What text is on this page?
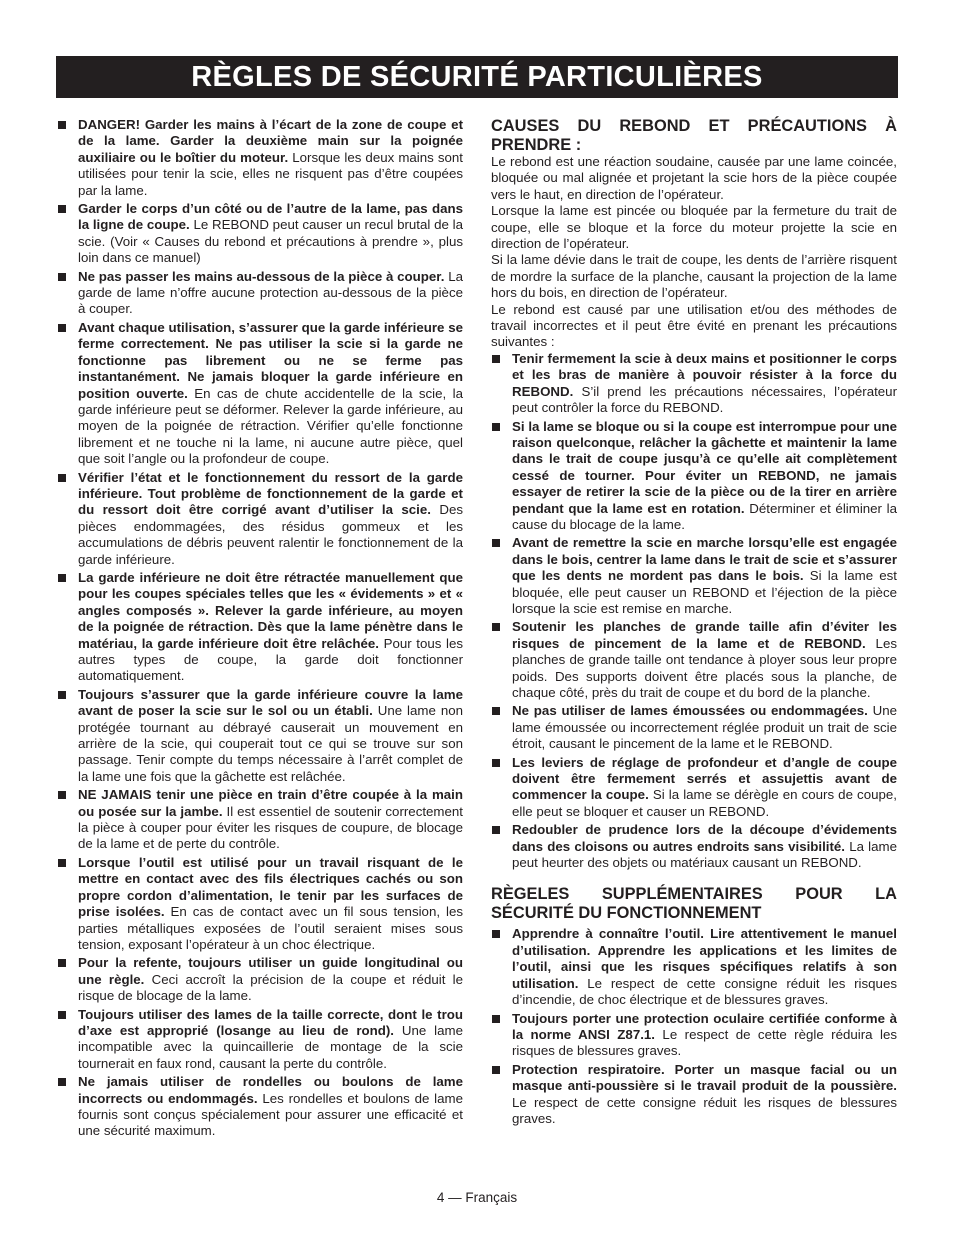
RÈGLES DE SÉCURITÉ PARTICULIÈRES
DANGER! Garder les mains à l’écart de la zone de coupe et de la lame. Garder la deuxième main sur la poignée auxiliaire ou le boîtier du moteur. Lorsque les deux mains sont utilisées pour tenir la scie, elles ne risquent pas d’être coupées par la lame.
Garder le corps d’un côté ou de l’autre de la lame, pas dans la ligne de coupe. Le REBOND peut causer un recul brutal de la scie. (Voir « Causes du rebond et précautions à prendre », plus loin dans ce manuel)
Ne pas passer les mains au-dessous de la pièce à couper. La garde de lame n’offre aucune protection au-dessous de la pièce à couper.
Avant chaque utilisation, s’assurer que la garde inférieure se ferme correctement. Ne pas utiliser la scie si la garde ne fonctionne pas librement ou ne se ferme pas instantanément. Ne jamais bloquer la garde inférieure en position ouverte. En cas de chute accidentelle de la scie, la garde inférieure peut se déformer. Relever la garde inférieure, au moyen de la poignée de rétraction. Vérifier qu’elle fonctionne librement et ne touche ni la lame, ni aucune autre pièce, quel que soit l’angle ou la profondeur de coupe.
Vérifier l’état et le fonctionnement du ressort de la garde inférieure. Tout problème de fonctionnement de la garde et du ressort doit être corrigé avant d’utiliser la scie. Des pièces endommagées, des résidus gommeux et les accumulations de débris peuvent ralentir le fonctionnement de la garde inférieure.
La garde inférieure ne doit être rétractée manuellement que pour les coupes spéciales telles que les « évidements » et « angles composés ». Relever la garde inférieure, au moyen de la poignée de rétraction. Dès que la lame pénètre dans le matériau, la garde inférieure doit être relâchée. Pour tous les autres types de coupe, la garde doit fonctionner automatiquement.
Toujours s’assurer que la garde inférieure couvre la lame avant de poser la scie sur le sol ou un établi. Une lame non protégée tournant au débrayé causerait un mouvement en arrière de la scie, qui couperait tout ce qui se trouve sur son passage. Tenir compte du temps nécessaire à l’arrêt complet de la lame une fois que la gâchette est relâchée.
NE JAMAIS tenir une pièce en train d’être coupée à la main ou posée sur la jambe. Il est essentiel de soutenir correctement la pièce à couper pour éviter les risques de coupure, de blocage de la lame et de perte du contrôle.
Lorsque l’outil est utilisé pour un travail risquant de le mettre en contact avec des fils électriques cachés ou son propre cordon d’alimentation, le tenir par les surfaces de prise isolées. En cas de contact avec un fil sous tension, les parties métalliques exposées de l’outil seraient mises sous tension, exposant l’opérateur à un choc électrique.
Pour la refente, toujours utiliser un guide longitudinal ou une règle. Ceci accroît la précision de la coupe et réduit le risque de blocage de la lame.
Toujours utiliser des lames de la taille correcte, dont le trou d’axe est approprié (losange au lieu de rond). Une lame incompatible avec la quincaillerie de montage de la scie tournerait en faux rond, causant la perte du contrôle.
Ne jamais utiliser de rondelles ou boulons de lame incorrects ou endommagés. Les rondelles et boulons de lame fournis sont conçus spécialement pour assurer une efficacité et une sécurité maximum.
CAUSES DU REBOND ET PRÉCAUTIONS À PRENDRE :

Le rebond est une réaction soudaine, causée par une lame coincée, bloquée ou mal alignée et projetant la scie hors de la pièce coupée vers le haut, en direction de l’opérateur.

Lorsque la lame est pincée ou bloquée par la fermeture du trait de coupe, elle se bloque et la force du moteur projette la scie en direction de l’opérateur.

Si la lame dévie dans le trait de coupe, les dents de l’arrière risquent de mordre la surface de la planche, causant la projection de la lame hors du bois, en direction de l’opérateur.

Le rebond est causé par une utilisation et/ou des méthodes de travail incorrectes et il peut être évité en prenant les précautions suivantes :

Tenir fermement la scie à deux mains et positionner le corps et les bras de manière à pouvoir résister à la force du REBOND. S’il prend les précautions nécessaires, l’opérateur peut contrôler la force du REBOND.
Si la lame se bloque ou si la coupe est interrompue pour une raison quelconque, relâcher la gâchette et maintenir la lame dans le trait de coupe jusqu’à ce qu’elle ait complètement cessé de tourner. Pour éviter un REBOND, ne jamais essayer de retirer la scie de la pièce ou de la tirer en arrière pendant que la lame est en rotation. Déterminer et éliminer la cause du blocage de la lame.
Avant de remettre la scie en marche lorsqu’elle est engagée dans le bois, centrer la lame dans le trait de scie et s’assurer que les dents ne mordent pas dans le bois. Si la lame est bloquée, elle peut causer un REBOND et l’éjection de la pièce lorsque la scie est remise en marche.
Soutenir les planches de grande taille afin d’éviter les risques de pincement de la lame et de REBOND. Les planches de grande taille ont tendance à ployer sous leur propre poids. Des supports doivent être placés sous la planche, de chaque côté, près du trait de coupe et du bord de la planche.
Ne pas utiliser de lames émoussées ou endommagées. Une lame émoussée ou incorrectement réglée produit un trait de scie étroit, causant le pincement de la lame et le REBOND.
Les leviers de réglage de profondeur et d’angle de coupe doivent être fermement serrés et assujettis avant de commencer la coupe. Si la lame se dérègle en cours de coupe, elle peut se bloquer et causer un REBOND.
Redoubler de prudence lors de la découpe d’évidements dans des cloisons ou autres endroits sans visibilité. La lame peut heurter des objets ou matériaux causant un REBOND.
RÈGELES SUPPLÉMENTAIRES POUR LA SÉCURITÉ DU FONCTIONNEMENT
Apprendre à connaître l’outil. Lire attentivement le manuel d’utilisation. Apprendre les applications et les limites de l’outil, ainsi que les risques spécifiques relatifs à son utilisation. Le respect de cette consigne réduit les risques d’incendie, de choc électrique et de blessures graves.
Toujours porter une protection oculaire certifiée conforme à la norme ANSI Z87.1. Le respect de cette règle réduira les risques de blessures graves.
Protection respiratoire. Porter un masque facial ou un masque anti-poussière si le travail produit de la poussière. Le respect de cette consigne réduit les risques de blessures graves.
4 — Français
